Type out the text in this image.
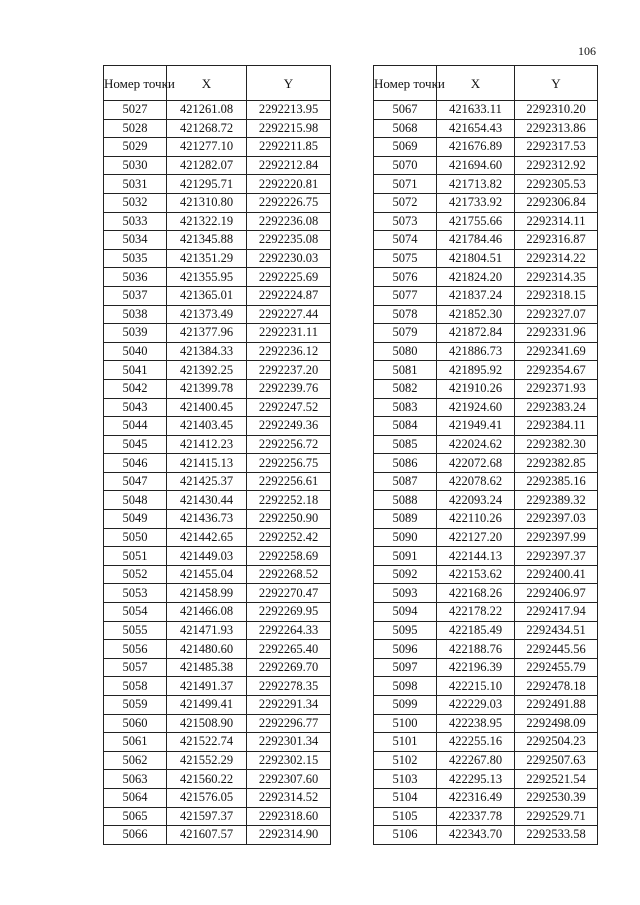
106
Номер точки	X	Y
5027	421261.08	2292213.95
5028	421268.72	2292215.98
5029	421277.10	2292211.85
5030	421282.07	2292212.84
5031	421295.71	2292220.81
5032	421310.80	2292226.75
5033	421322.19	2292236.08
5034	421345.88	2292235.08
5035	421351.29	2292230.03
5036	421355.95	2292225.69
5037	421365.01	2292224.87
5038	421373.49	2292227.44
5039	421377.96	2292231.11
5040	421384.33	2292236.12
5041	421392.25	2292237.20
5042	421399.78	2292239.76
5043	421400.45	2292247.52
5044	421403.45	2292249.36
5045	421412.23	2292256.72
5046	421415.13	2292256.75
5047	421425.37	2292256.61
5048	421430.44	2292252.18
5049	421436.73	2292250.90
5050	421442.65	2292252.42
5051	421449.03	2292258.69
5052	421455.04	2292268.52
5053	421458.99	2292270.47
5054	421466.08	2292269.95
5055	421471.93	2292264.33
5056	421480.60	2292265.40
5057	421485.38	2292269.70
5058	421491.37	2292278.35
5059	421499.41	2292291.34
5060	421508.90	2292296.77
5061	421522.74	2292301.34
5062	421552.29	2292302.15
5063	421560.22	2292307.60
5064	421576.05	2292314.52
5065	421597.37	2292318.60
5066	421607.57	2292314.90
Номер точки	X	Y
5067	421633.11	2292310.20
5068	421654.43	2292313.86
5069	421676.89	2292317.53
5070	421694.60	2292312.92
5071	421713.82	2292305.53
5072	421733.92	2292306.84
5073	421755.66	2292314.11
5074	421784.46	2292316.87
5075	421804.51	2292314.22
5076	421824.20	2292314.35
5077	421837.24	2292318.15
5078	421852.30	2292327.07
5079	421872.84	2292331.96
5080	421886.73	2292341.69
5081	421895.92	2292354.67
5082	421910.26	2292371.93
5083	421924.60	2292383.24
5084	421949.41	2292384.11
5085	422024.62	2292382.30
5086	422072.68	2292382.85
5087	422078.62	2292385.16
5088	422093.24	2292389.32
5089	422110.26	2292397.03
5090	422127.20	2292397.99
5091	422144.13	2292397.37
5092	422153.62	2292400.41
5093	422168.26	2292406.97
5094	422178.22	2292417.94
5095	422185.49	2292434.51
5096	422188.76	2292445.56
5097	422196.39	2292455.79
5098	422215.10	2292478.18
5099	422229.03	2292491.88
5100	422238.95	2292498.09
5101	422255.16	2292504.23
5102	422267.80	2292507.63
5103	422295.13	2292521.54
5104	422316.49	2292530.39
5105	422337.78	2292529.71
5106	422343.70	2292533.58
